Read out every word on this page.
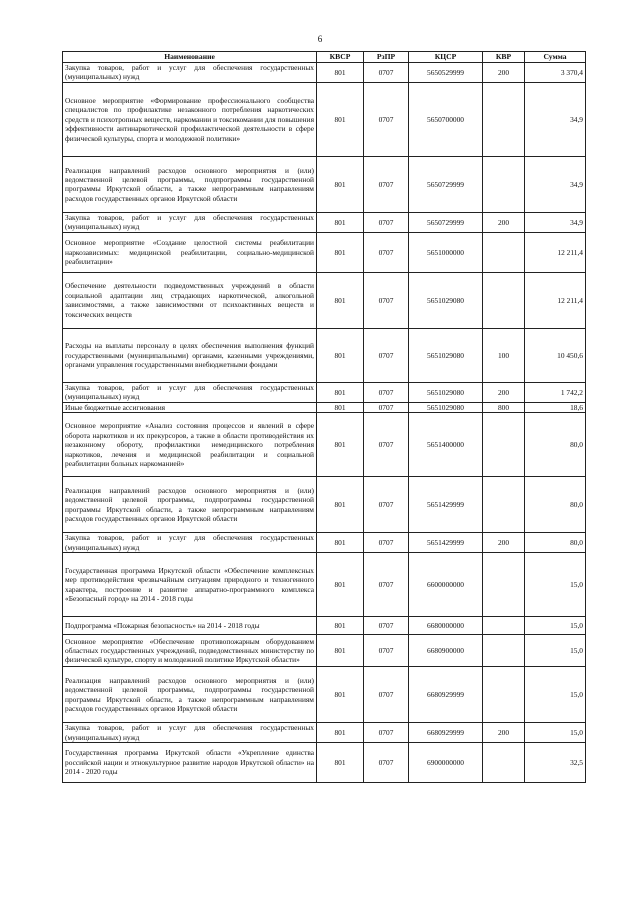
6
Наименование	КВСР	РзПР	КЦСР	КВР	Сумма
Закупка товаров, работ и услуг для обеспечения государственных (муниципальных) нужд	801	0707	5650529999	200	3 370,4
Основное мероприятие «Формирование профессионального сообщества специалистов по профилактике незаконного потребления наркотических средств и психотропных веществ, наркомании и токсикомании для повышения эффективности антинаркотической профилактической деятельности в сфере физической культуры, спорта и молодежной политики»	801	0707	5650700000		34,9
Реализация направлений расходов основного мероприятия и (или) ведомственной целевой программы, подпрограммы государственной программы Иркутской области, а также непрограммным направлениям расходов государственных органов Иркутской области	801	0707	5650729999		34,9
Закупка товаров, работ и услуг для обеспечения государственных (муниципальных) нужд	801	0707	5650729999	200	34,9
Основное мероприятие «Создание целостной системы реабилитации наркозависимых: медицинской реабилитации, социально-медицинской реабилитации»	801	0707	5651000000		12 211,4
Обеспечение деятельности подведомственных учреждений в области социальной адаптации лиц страдающих наркотической, алкогольной зависимостями, а также зависимостями от психоактивных веществ и токсических веществ	801	0707	5651029080		12 211,4
Расходы на выплаты персоналу в целях обеспечения выполнения функций государственными (муниципальными) органами, казенными учреждениями, органами управления государственными внебюджетными фондами	801	0707	5651029080	100	10 450,6
Закупка товаров, работ и услуг для обеспечения государственных (муниципальных) нужд	801	0707	5651029080	200	1 742,2
Иные бюджетные ассигнования	801	0707	5651029080	800	18,6
Основное мероприятие «Анализ состояния процессов и явлений в сфере оборота наркотиков и их прекурсоров, а также в области противодействия их незаконному обороту, профилактики немедицинского потребления наркотиков, лечения и медицинской реабилитации и социальной реабилитации больных наркоманией»	801	0707	5651400000		80,0
Реализация направлений расходов основного мероприятия и (или) ведомственной целевой программы, подпрограммы государственной программы Иркутской области, а также непрограммным направлениям расходов государственных органов Иркутской области	801	0707	5651429999		80,0
Закупка товаров, работ и услуг для обеспечения государственных (муниципальных) нужд	801	0707	5651429999	200	80,0
Государственная программа Иркутской области «Обеспечение комплексных мер противодействия чрезвычайным ситуациям природного и техногенного характера, построение и развитие аппаратно-программного комплекса «Безопасный город» на 2014 - 2018 годы	801	0707	6600000000		15,0
Подпрограмма «Пожарная безопасность» на 2014 - 2018 годы	801	0707	6680000000		15,0
Основное мероприятие «Обеспечение противопожарным оборудованием областных государственных учреждений, подведомственных министерству по физической культуре, спорту и молодежной политике Иркутской области»	801	0707	6680900000		15,0
Реализация направлений расходов основного мероприятия и (или) ведомственной целевой программы, подпрограммы государственной программы Иркутской области, а также непрограммным направлениям расходов государственных органов Иркутской области	801	0707	6680929999		15,0
Закупка товаров, работ и услуг для обеспечения государственных (муниципальных) нужд	801	0707	6680929999	200	15,0
Государственная программа Иркутской области «Укрепление единства российской нации и этнокультурное развитие народов Иркутской области» на 2014 - 2020 годы	801	0707	6900000000		32,5
